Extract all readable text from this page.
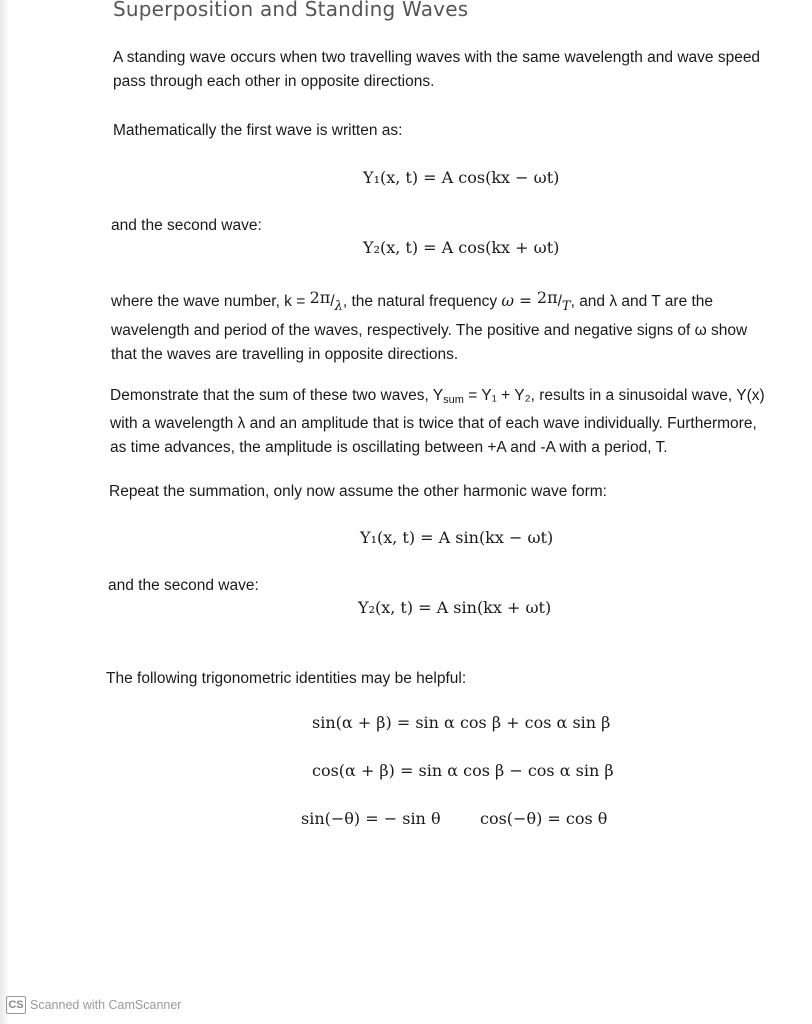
Superposition and Standing Waves
A standing wave occurs when two travelling waves with the same wavelength and wave speed
pass through each other in opposite directions.
Mathematically the first wave is written as:
Y₁(x, t) = A cos(kx − ωt)
and the second wave:
Y₂(x, t) = A cos(kx + ωt)
where the wave number, $k = 2\pi/_\lambda$, the natural frequency $\omega = 2\pi/_T$, and λ and T are the
wavelength and period of the waves, respectively. The positive and negative signs of ω show
that the waves are travelling in opposite directions.
Demonstrate that the sum of these two waves, $Y_{sum} = Y_1 + Y_2$, results in a sinusoidal wave, Y(x)
with a wavelength λ and an amplitude that is twice that of each wave individually. Furthermore,
as time advances, the amplitude is oscillating between +A and -A with a period, T.
Repeat the summation, only now assume the other harmonic wave form:
Y₁(x, t) = A sin(kx − ωt)
and the second wave:
Y₂(x, t) = A sin(kx + ωt)
The following trigonometric identities may be helpful:
sin(α + β) = sin α cos β + cos α sin β
cos(α + β) = sin α cos β − cos α sin β
sin(−θ) = − sin θ cos(−θ) = cos θ
CS Scanned with CamScanner
